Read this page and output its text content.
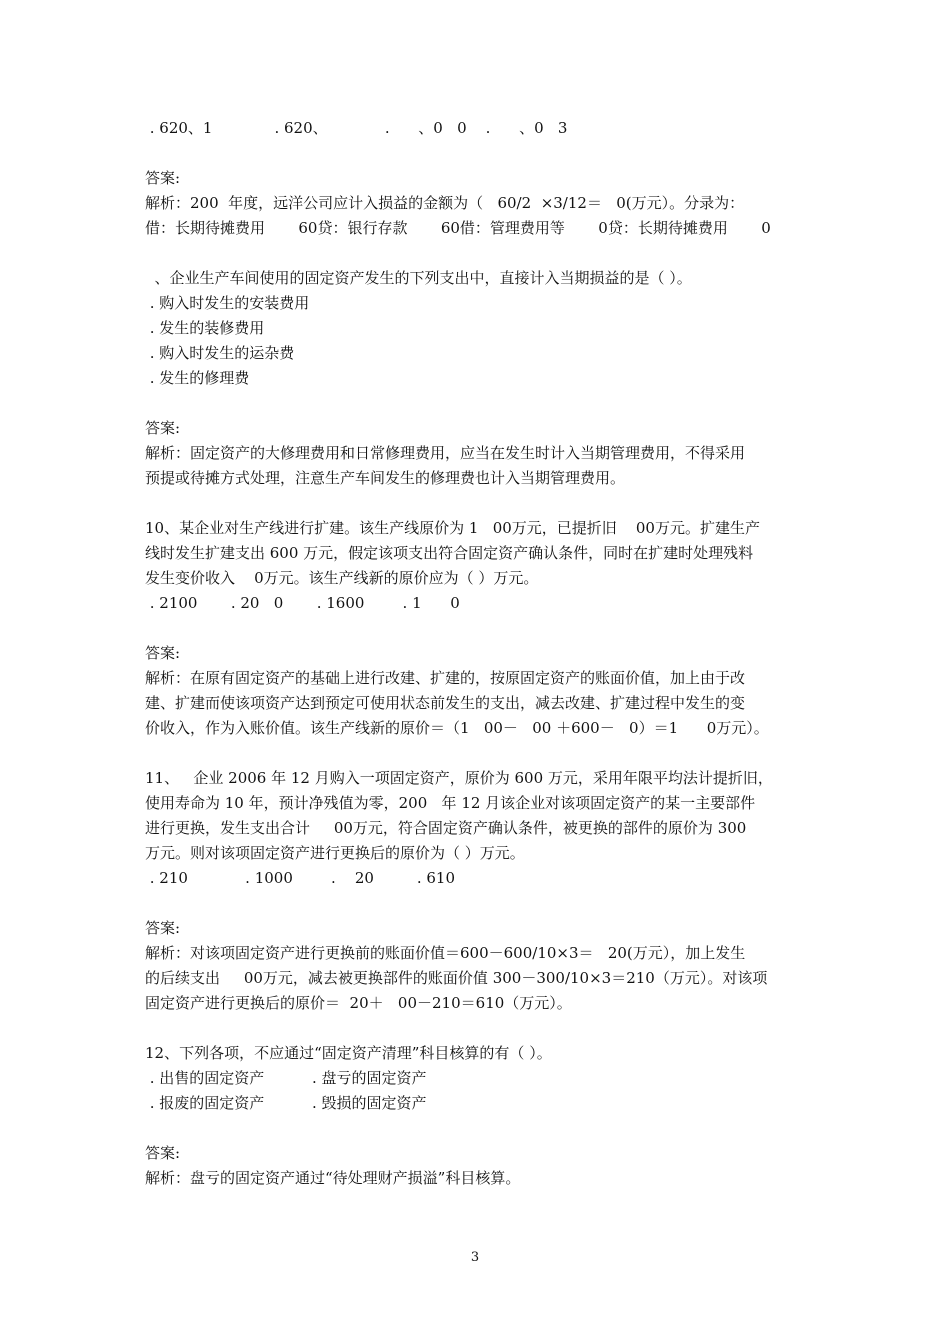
. 620、1             . 620、            .      、0   0    .      、0   3
答案:
解析：200  年度，远洋公司应计入损益的金额为（   60/2  ×3/12＝   0(万元）。分录为：
借：长期待摊费用       60贷：银行存款       60借：管理费用等       0贷：长期待摊费用       0
、企业生产车间使用的固定资产发生的下列支出中，直接计入当期损益的是（ ）。
. 购入时发生的安装费用
. 发生的装修费用
. 购入时发生的运杂费
. 发生的修理费
答案:
解析：固定资产的大修理费用和日常修理费用，应当在发生时计入当期管理费用，不得采用
预提或待摊方式处理，注意生产车间发生的修理费也计入当期管理费用。
10、某企业对生产线进行扩建。该生产线原价为 1   00万元，已提折旧    00万元。扩建生产
线时发生扩建支出 600 万元，假定该项支出符合固定资产确认条件，同时在扩建时处理残料
发生变价收入    0万元。该生产线新的原价应为（ ）万元。
. 2100       . 20   0       . 1600        . 1      0
答案:
解析：在原有固定资产的基础上进行改建、扩建的，按原固定资产的账面价值，加上由于改
建、扩建而使该项资产达到预定可使用状态前发生的支出，减去改建、扩建过程中发生的变
价收入，作为入账价值。该生产线新的原价＝（1   00－   00 ＋600－   0）＝1      0万元）。
11、   企业 2006 年 12 月购入一项固定资产，原价为 600 万元，采用年限平均法计提折旧，
使用寿命为 10 年，预计净残值为零，200   年 12 月该企业对该项固定资产的某一主要部件
进行更换，发生支出合计     00万元，符合固定资产确认条件，被更换的部件的原价为 300
万元。则对该项固定资产进行更换后的原价为（ ）万元。
. 210            . 1000        .    20         . 610
答案:
解析：对该项固定资产进行更换前的账面价值＝600－600/10×3＝   20(万元），加上发生
的后续支出     00万元，减去被更换部件的账面价值 300－300/10×3＝210（万元）。对该项
固定资产进行更换后的原价＝  20＋   00－210＝610（万元）。
12、下列各项，不应通过“固定资产清理”科目核算的有（ ）。
. 出售的固定资产          . 盘亏的固定资产
. 报废的固定资产          . 毁损的固定资产
答案:
解析：盘亏的固定资产通过“待处理财产损溢”科目核算。
3
